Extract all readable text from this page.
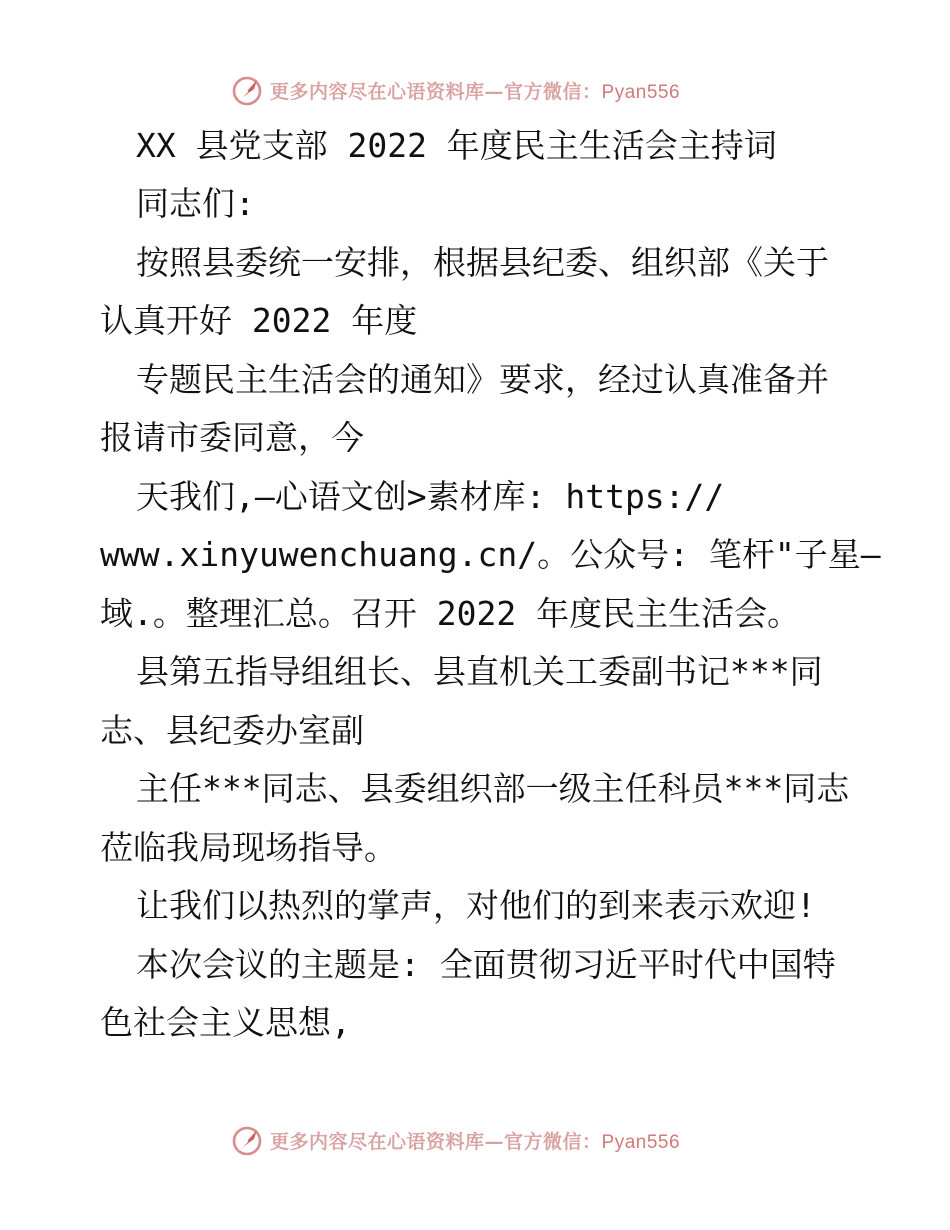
更多内容尽在心语资料库—官方微信：Pyan556
XX 县党支部 2022 年度民主生活会主持词
同志们:
按照县委统一安排，根据县纪委、组织部《关于
认真开好 2022 年度
专题民主生活会的通知》要求，经过认真准备并
报请市委同意，今
天我们,—心语文创>素材库: https://
www.xinyuwenchuang.cn/。公众号: 笔杆"子星—
域.。整理汇总。召开 2022 年度民主生活会。
县第五指导组组长、县直机关工委副书记***同
志、县纪委办室副
主任***同志、县委组织部一级主任科员***同志
莅临我局现场指导。
让我们以热烈的掌声，对他们的到来表示欢迎!
本次会议的主题是: 全面贯彻习近平时代中国特
色社会主义思想,
更多内容尽在心语资料库—官方微信：Pyan556
